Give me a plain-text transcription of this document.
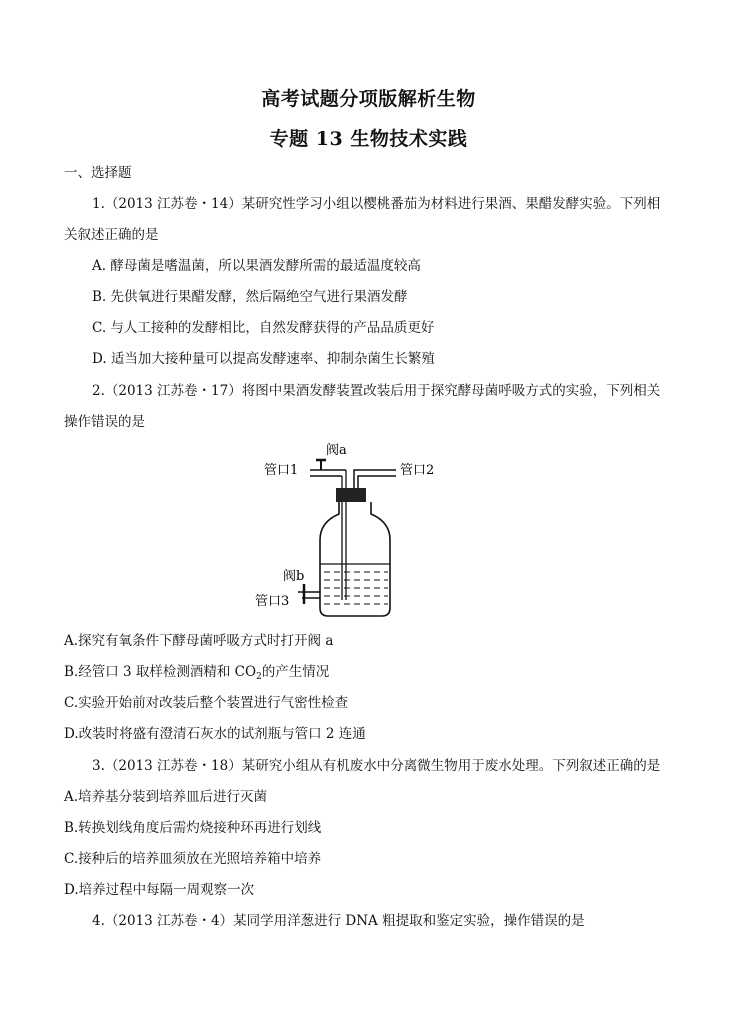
高考试题分项版解析生物
专题 13 生物技术实践
一、选择题
1.（2013 江苏卷・14）某研究性学习小组以樱桃番茄为材料进行果酒、果醋发酵实验。下列相
关叙述正确的是
A. 酵母菌是嗜温菌，所以果酒发酵所需的最适温度较高
B. 先供氧进行果醋发酵，然后隔绝空气进行果酒发酵
C. 与人工接种的发酵相比，自然发酵获得的产品品质更好
D. 适当加大接种量可以提高发酵速率、抑制杂菌生长繁殖
2.（2013 江苏卷・17）将图中果酒发酵装置改装后用于探究酵母菌呼吸方式的实验，下列相关
操作错误的是
阀a
管口1	管口2
阀b
管口3
A.探究有氧条件下酵母菌呼吸方式时打开阀 a
B.经管口 3 取样检测酒精和 $CO_2$的产生情况
C.实验开始前对改装后整个装置进行气密性检查
D.改装时将盛有澄清石灰水的试剂瓶与管口 2 连通
3.（2013 江苏卷・18）某研究小组从有机废水中分离微生物用于废水处理。下列叙述正确的是
A.培养基分装到培养皿后进行灭菌
B.转换划线角度后需灼烧接种环再进行划线
C.接种后的培养皿须放在光照培养箱中培养
D.培养过程中每隔一周观察一次
4.（2013 江苏卷・4）某同学用洋葱进行 DNA 粗提取和鉴定实验，操作错误的是
